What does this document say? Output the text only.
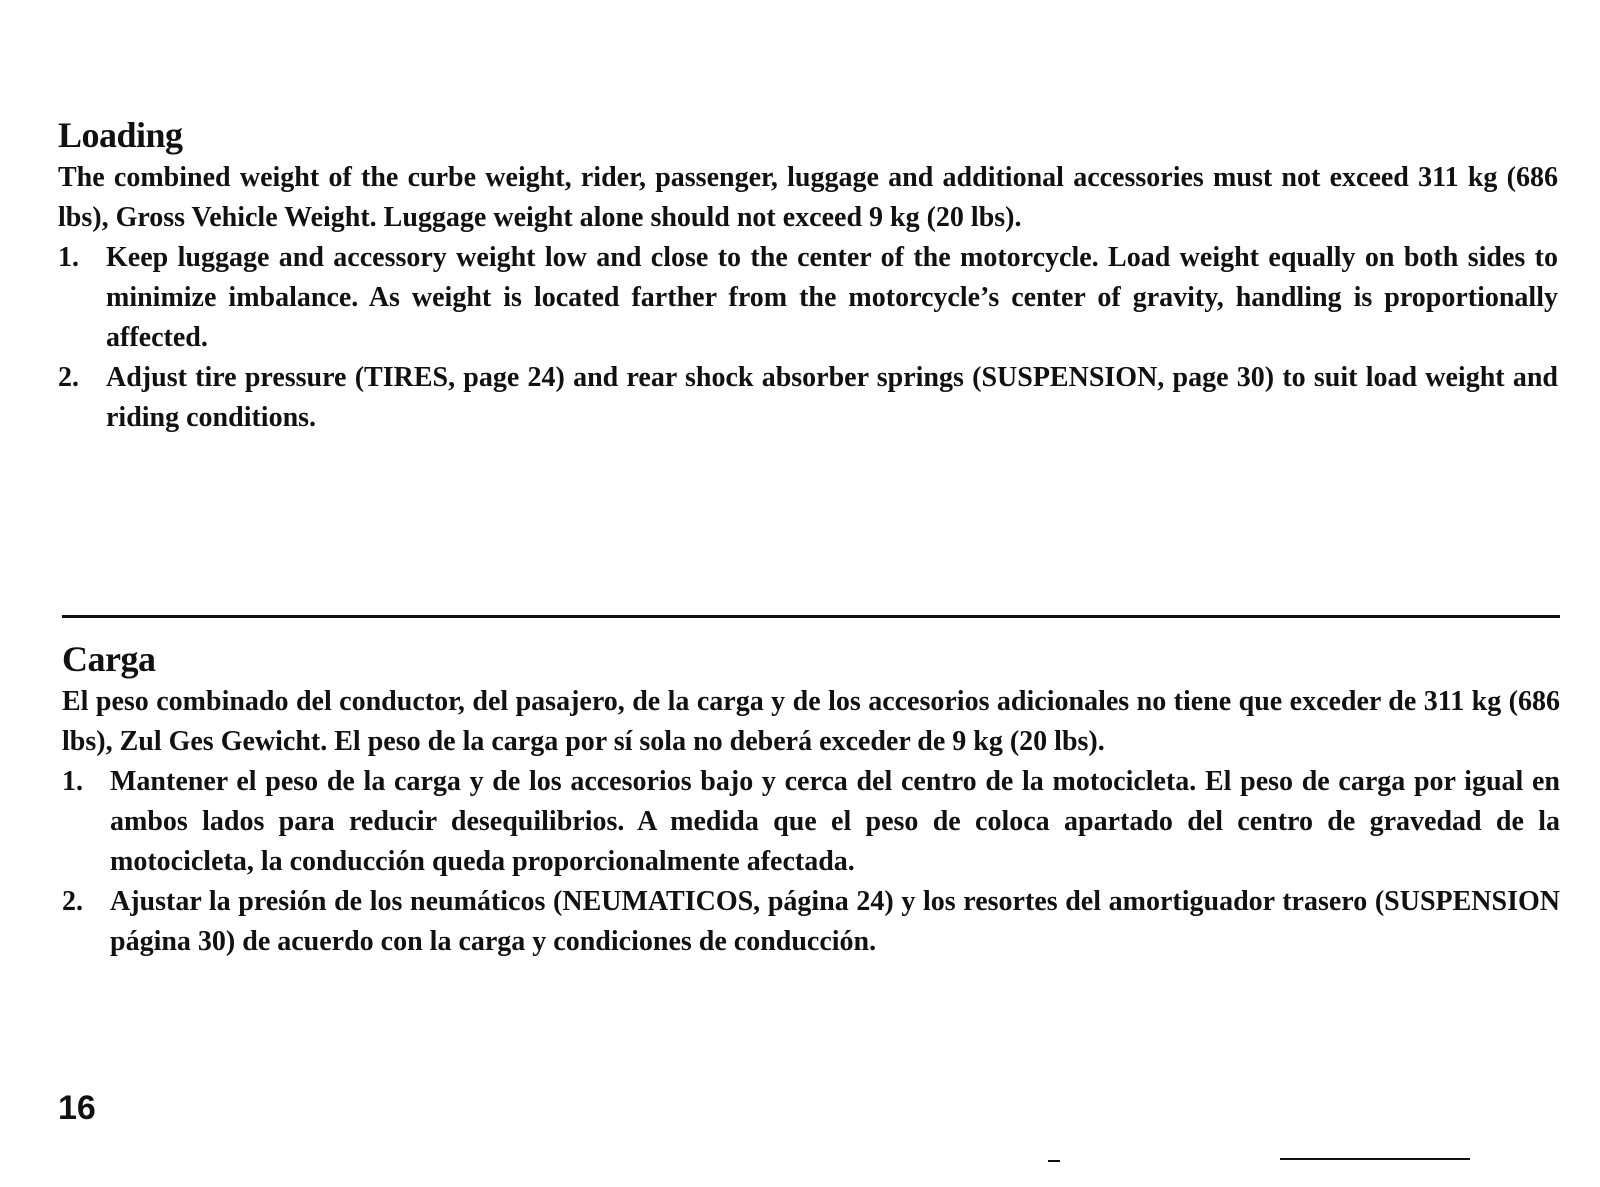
Loading

The combined weight of the curbe weight, rider, passenger, luggage and additional accessories must not exceed 311 kg (686 lbs), Gross Vehicle Weight. Luggage weight alone should not exceed 9 kg (20 lbs).

1. Keep luggage and accessory weight low and close to the center of the motorcycle. Load weight equally on both sides to minimize imbalance. As weight is located farther from the motorcycle’s center of gravity, handling is proportionally affected.
2. Adjust tire pressure (TIRES, page 24) and rear shock absorber springs (SUSPENSION, page 30) to suit load weight and riding conditions.
Carga

El peso combinado del conductor, del pasajero, de la carga y de los accesorios adicionales no tiene que exceder de 311 kg (686 lbs), Zul Ges Gewicht. El peso de la carga por sí sola no deberá exceder de 9 kg (20 lbs).

1. Mantener el peso de la carga y de los accesorios bajo y cerca del centro de la motocicleta. El peso de carga por igual en ambos lados para reducir desequilibrios. A medida que el peso de coloca apartado del centro de gravedad de la motocicleta, la conducción queda proporcionalmente afectada.
2. Ajustar la presión de los neumáticos (NEUMATICOS, página 24) y los resortes del amortiguador trasero (SUSPENSION página 30) de acuerdo con la carga y condiciones de conducción.

16
